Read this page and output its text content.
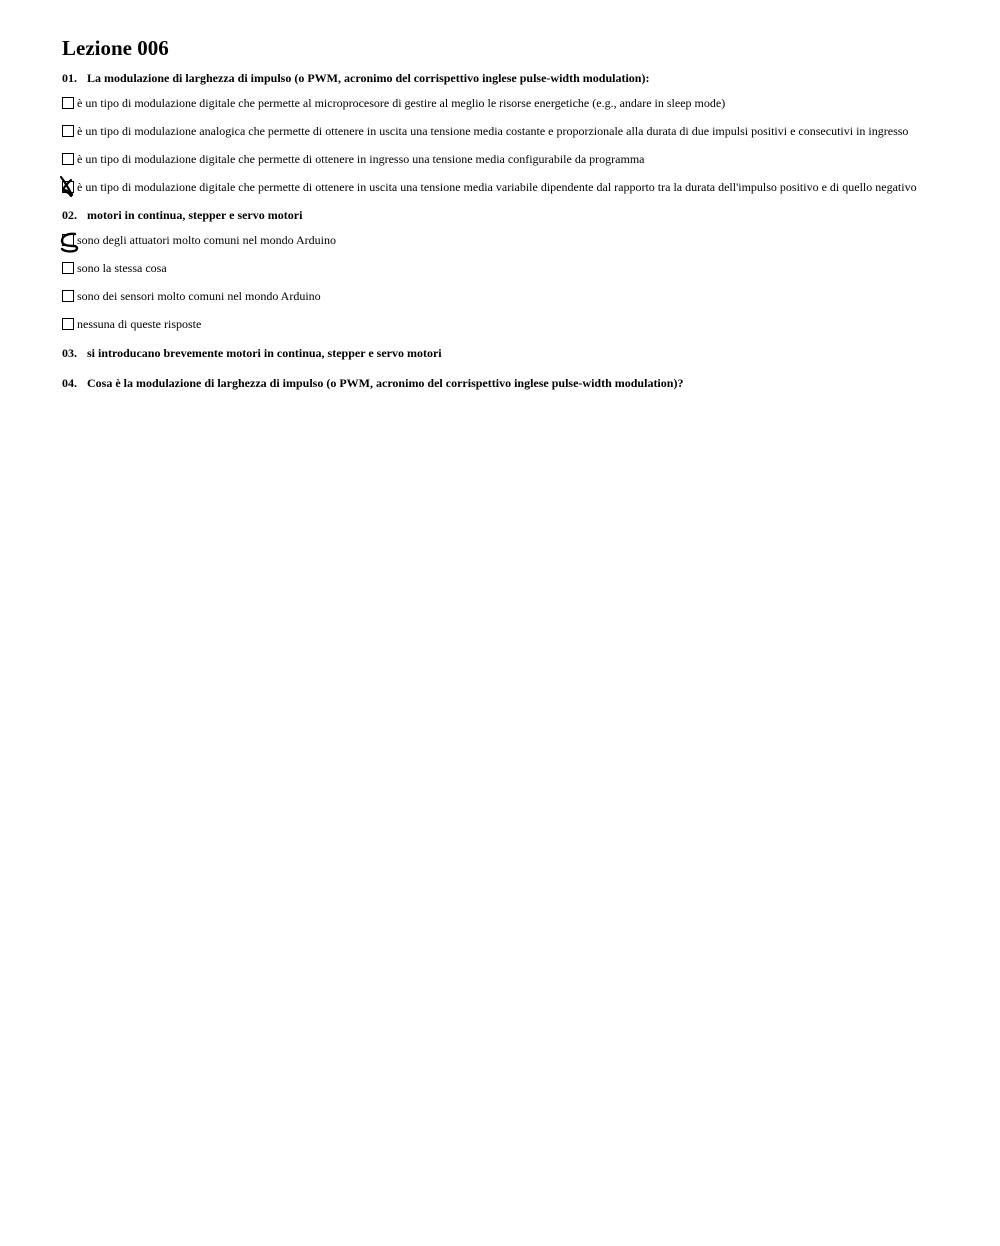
Lezione 006
01. La modulazione di larghezza di impulso (o PWM, acronimo del corrispettivo inglese pulse-width modulation):
è un tipo di modulazione digitale che permette al microprocesore di gestire al meglio le risorse energetiche (e.g., andare in sleep mode)
è un tipo di modulazione analogica che permette di ottenere in uscita una tensione media costante e proporzionale alla durata di due impulsi positivi e consecutivi in ingresso
è un tipo di modulazione digitale che permette di ottenere in ingresso una tensione media configurabile da programma
è un tipo di modulazione digitale che permette di ottenere in uscita una tensione media variabile dipendente dal rapporto tra la durata dell'impulso positivo e di quello negativo
02. motori in continua, stepper e servo motori
sono degli attuatori molto comuni nel mondo Arduino
sono la stessa cosa
sono dei sensori molto comuni nel mondo Arduino
nessuna di queste risposte
03. si introducano brevemente motori in continua, stepper e servo motori
04. Cosa è la modulazione di larghezza di impulso (o PWM, acronimo del corrispettivo inglese pulse-width modulation)?
